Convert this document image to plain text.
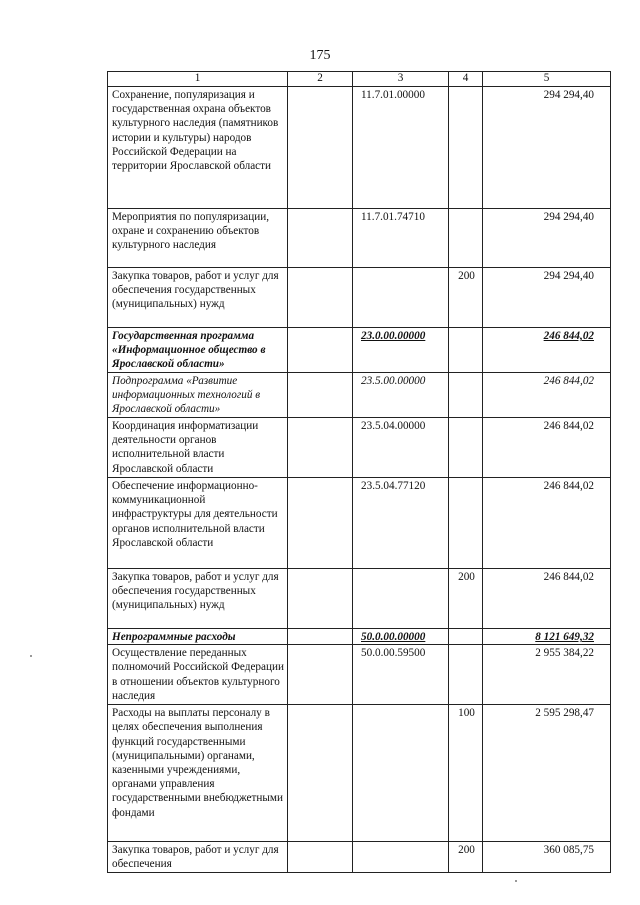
175
1	2	3	4	5
Сохранение, популяризация и государственная охрана объектов культурного наследия (памятников истории и культуры) народов Российской Федерации на территории Ярославской области		11.7.01.00000		294 294,40
Мероприятия по популяризации, охране и сохранению объектов культурного наследия		11.7.01.74710		294 294,40
Закупка товаров, работ и услуг для обеспечения государственных (муниципальных) нужд			200	294 294,40
Государственная программа «Информационное общество в Ярославской области»		23.0.00.00000		246 844,02
Подпрограмма «Развитие информационных технологий в Ярославской области»		23.5.00.00000		246 844,02
Координация информатизации деятельности органов исполнительной власти Ярославской области		23.5.04.00000		246 844,02
Обеспечение информационно-коммуникационной инфраструктуры для деятельности органов исполнительной власти Ярославской области		23.5.04.77120		246 844,02
Закупка товаров, работ и услуг для обеспечения государственных (муниципальных) нужд			200	246 844,02
Непрограммные расходы		50.0.00.00000		8 121 649,32
Осуществление переданных полномочий Российской Федерации в отношении объектов культурного наследия		50.0.00.59500		2 955 384,22
Расходы на выплаты персоналу в целях обеспечения выполнения функций государственными (муниципальными) органами, казенными учреждениями, органами управления государственными внебюджетными фондами			100	2 595 298,47
Закупка товаров, работ и услуг для обеспечения			200	360 085,75
